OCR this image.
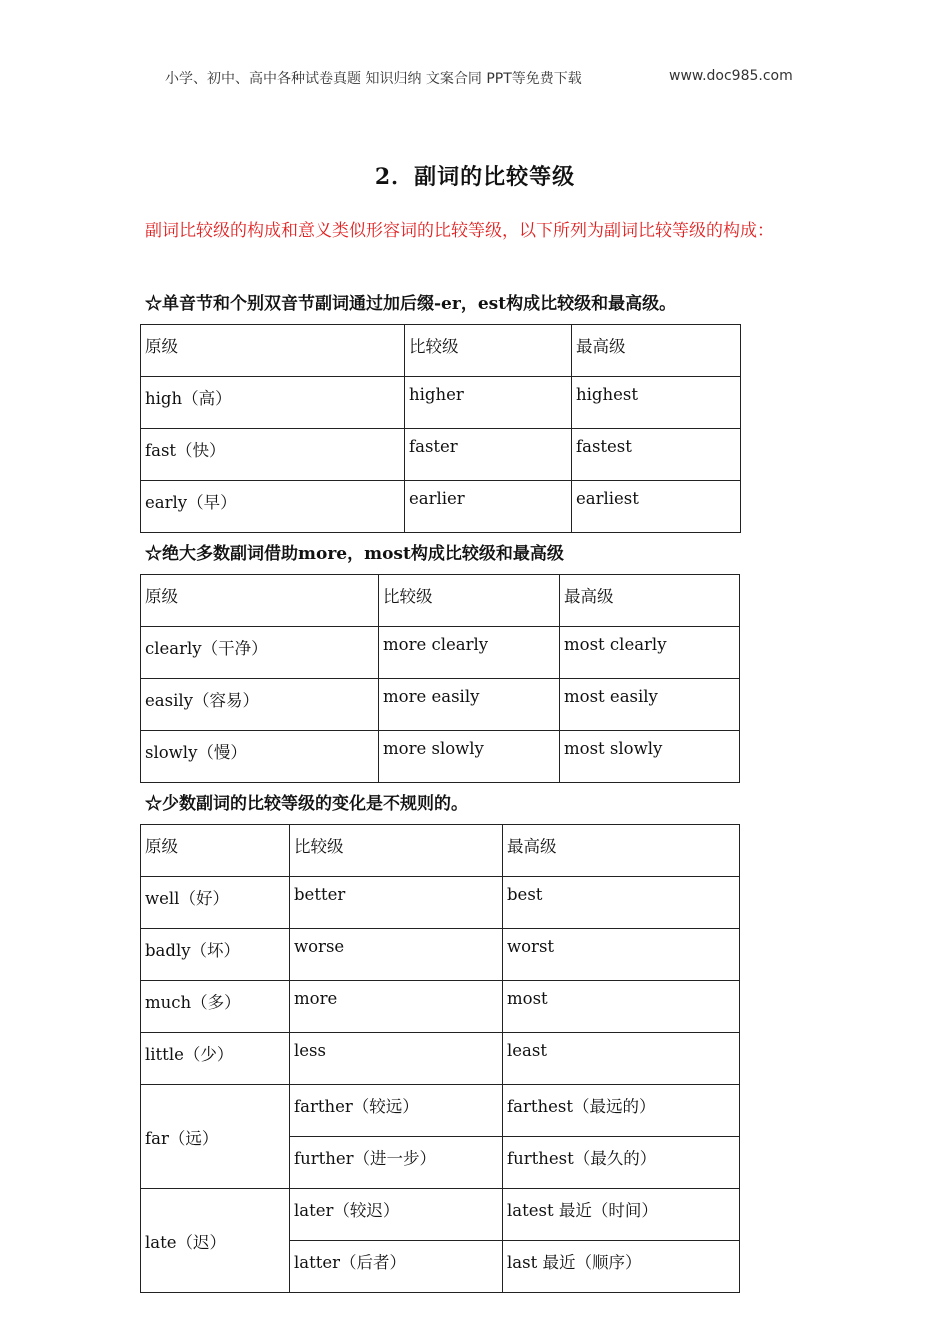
小学、初中、高中各种试卷真题 知识归纳 文案合同 PPT等免费下载	www.doc985.com
2．副词的比较等级
副词比较级的构成和意义类似形容词的比较等级，以下所列为副词比较等级的构成：
☆单音节和个别双音节副词通过加后缀-er，est构成比较级和最高级。
原级	比较级	最高级
high（高）	higher	highest
fast（快）	faster	fastest
early（早）	earlier	earliest
☆绝大多数副词借助more，most构成比较级和最高级
原级	比较级	最高级
clearly（干净）	more clearly	most clearly
easily（容易）	more easily	most easily
slowly（慢）	more slowly	most slowly
☆少数副词的比较等级的变化是不规则的。
原级	比较级	最高级
well（好）	better	best
badly（坏）	worse	worst
much（多）	more	most
little（少）	less	least
far（远）	farther（较远）	farthest（最远的）
	further（进一步）	furthest（最久的）
late（迟）	later（较迟）	latest 最近（时间）
	latter（后者）	last 最近（顺序）
